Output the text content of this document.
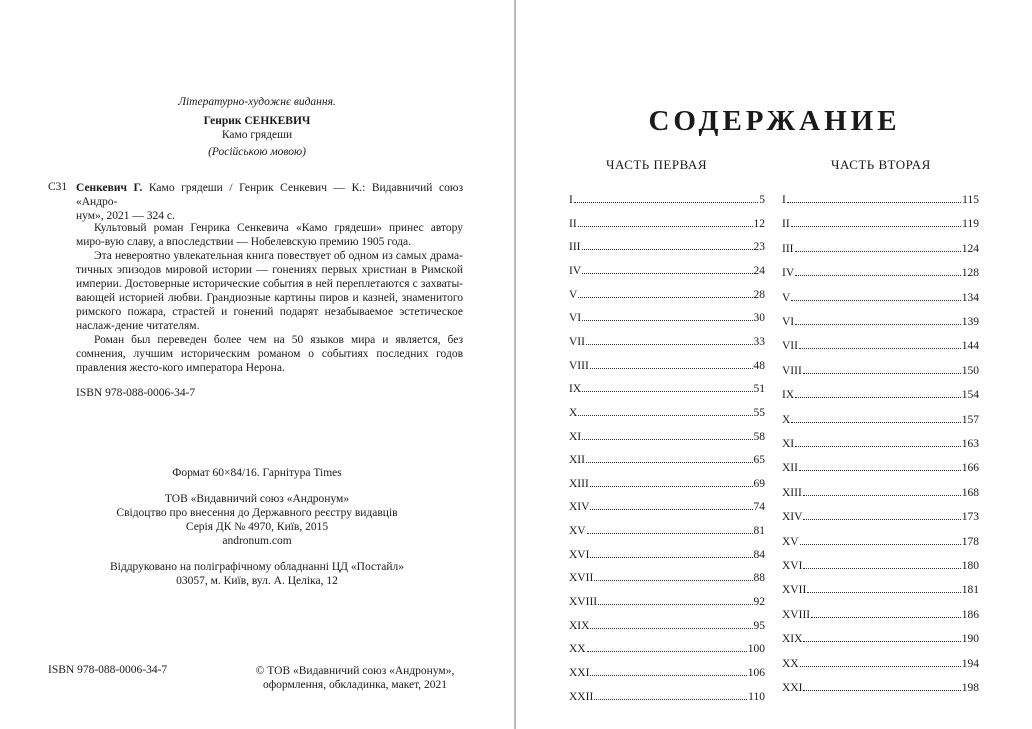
Літературно-художнє видання.
Генрик СЕНКЕВИЧ
Камо грядеши
(Російською мовою)
С31 Сенкевич Г. Камо грядеши / Генрик Сенкевич — К.: Видавничий союз «Андро-
нум», 2021 — 324 с.

Культовый роман Генрика Сенкевича «Камо грядеши» принес автору миро-вую славу, а впоследствии — Нобелевскую премию 1905 года.

Эта невероятно увлекательная книга повествует об одном из самых драма-тичных эпизодов мировой истории — гонениях первых христиан в Римской империи. Достоверные исторические события в ней переплетаются с захваты-вающей историей любви. Грандиозные картины пиров и казней, знаменитого римского пожара, страстей и гонений подарят незабываемое эстетическое наслаж-дение читателям.

Роман был переведен более чем на 50 языков мира и является, без сомнения, лучшим историческим романом о событиях последних годов правления жесто-кого императора Нерона.

ISBN 978-088-0006-34-7
Формат 60×84/16. Гарнітура Times
ТОВ «Видавничий союз «Андронум»
Свідоцтво про внесення до Державного реєстру видавців
Серія ДК № 4970, Київ, 2015
andronum.com
Віддруковано на поліграфічному обладнанні ЦД «Постайл»
03057, м. Київ, вул. А. Целіка, 12
ISBN 978-088-0006-34-7	© ТОВ «Видавничий союз «Андронум»,
оформлення, обкладинка, макет, 2021
СОДЕРЖАНИЕ
ЧАСТЬ ПЕРВАЯ	ЧАСТЬ ВТОРАЯ
I	5
II	12
III	23
IV	24
V	28
VI	30
VII	33
VIII	48
IX	51
X	55
XI	58
XII	65
XIII	69
XIV	74
XV	81
XVI	84
XVII	88
XVIII	92
XIX	95
XX	100
XXI	106
XXII	110
I	115
II	119
III	124
IV	128
V	134
VI	139
VII	144
VIII	150
IX	154
X	157
XI	163
XII	166
XIII	168
XIV	173
XV	178
XVI	180
XVII	181
XVIII	186
XIX	190
XX	194
XXI	198
